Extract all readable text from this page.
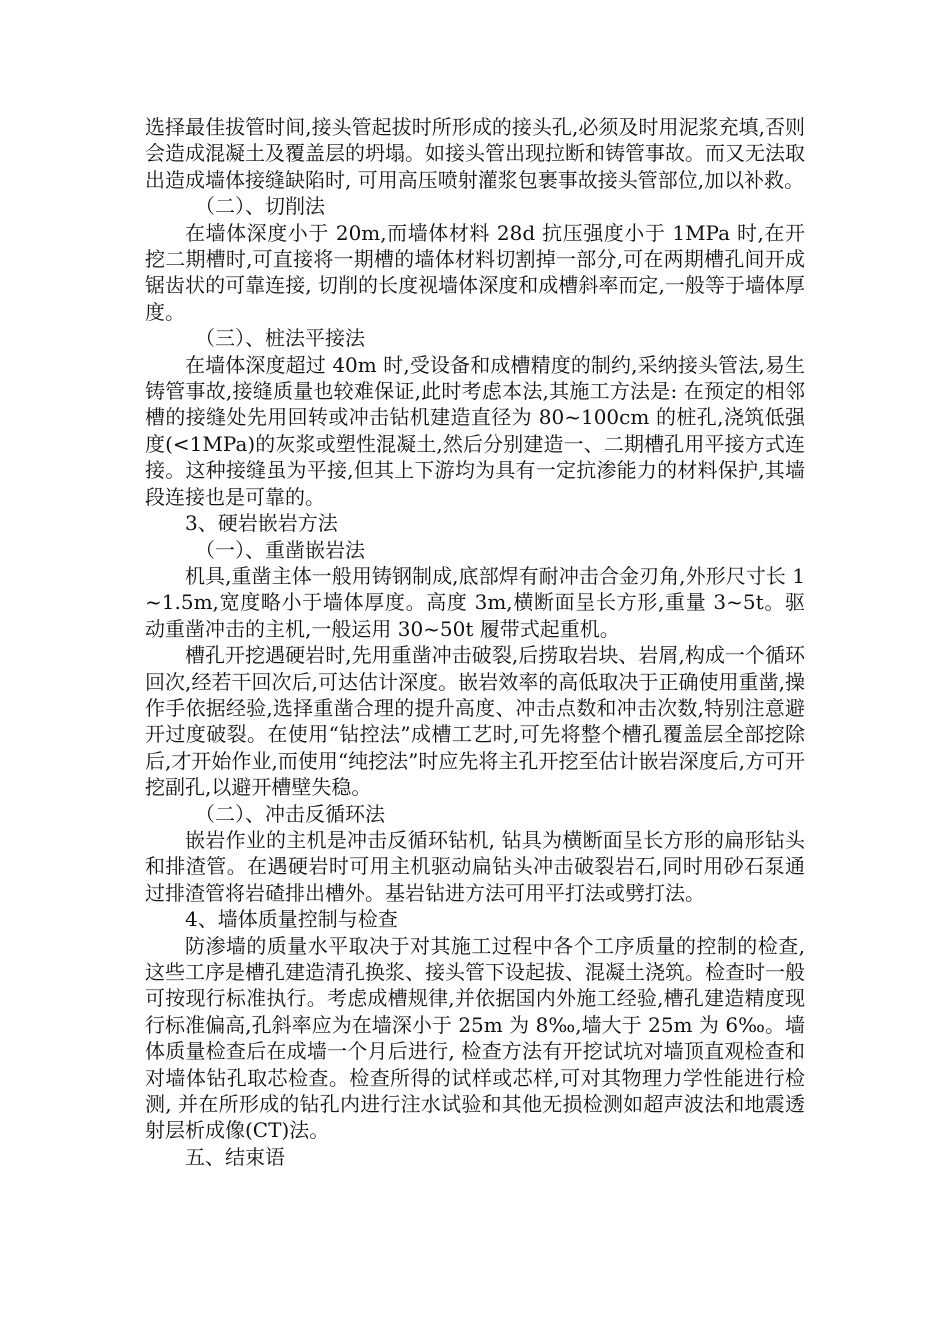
选择最佳拔管时间,接头管起拔时所形成的接头孔,必须及时用泥浆充填,否则会造成混凝土及覆盖层的坍塌。如接头管出现拉断和铸管事故。而又无法取出造成墙体接缝缺陷时, 可用高压喷射灌浆包裹事故接头管部位,加以补救。

（二）、切削法

在墙体深度小于 20m,而墙体材料 28d 抗压强度小于 1MPa 时,在开挖二期槽时,可直接将一期槽的墙体材料切割掉一部分,可在两期槽孔间开成锯齿状的可靠连接, 切削的长度视墙体深度和成槽斜率而定,一般等于墙体厚度。

（三）、桩法平接法

在墙体深度超过 40m 时,受设备和成槽精度的制约,采纳接头管法,易生铸管事故,接缝质量也较难保证,此时考虑本法,其施工方法是: 在预定的相邻槽的接缝处先用回转或冲击钻机建造直径为 80~100cm 的桩孔,浇筑低强度(<1MPa)的灰浆或塑性混凝土,然后分别建造一、二期槽孔用平接方式连接。这种接缝虽为平接,但其上下游均为具有一定抗渗能力的材料保护,其墙段连接也是可靠的。

3、硬岩嵌岩方法

（一）、重凿嵌岩法

机具,重凿主体一般用铸钢制成,底部焊有耐冲击合金刃角,外形尺寸长 1~1.5m,宽度略小于墙体厚度。高度 3m,横断面呈长方形,重量 3~5t。驱动重凿冲击的主机,一般运用 30~50t 履带式起重机。

槽孔开挖遇硬岩时,先用重凿冲击破裂,后捞取岩块、岩屑,构成一个循环回次,经若干回次后,可达估计深度。嵌岩效率的高低取决于正确使用重凿,操作手依据经验,选择重凿合理的提升高度、冲击点数和冲击次数,特别注意避开过度破裂。在使用“钻控法”成槽工艺时,可先将整个槽孔覆盖层全部挖除后,才开始作业,而使用“纯挖法”时应先将主孔开挖至估计嵌岩深度后,方可开挖副孔,以避开槽壁失稳。

（二）、冲击反循环法

嵌岩作业的主机是冲击反循环钻机, 钻具为横断面呈长方形的扁形钻头和排渣管。在遇硬岩时可用主机驱动扁钻头冲击破裂岩石,同时用砂石泵通过排渣管将岩碴排出槽外。基岩钻进方法可用平打法或劈打法。

4、墙体质量控制与检查

防渗墙的质量水平取决于对其施工过程中各个工序质量的控制的检查,这些工序是槽孔建造清孔换浆、接头管下设起拔、混凝土浇筑。检查时一般可按现行标准执行。考虑成槽规律,并依据国内外施工经验,槽孔建造精度现行标准偏高,孔斜率应为在墙深小于 25m 为 8‰,墙大于 25m 为 6‰。墙体质量检查后在成墙一个月后进行, 检查方法有开挖试坑对墙顶直观检查和对墙体钻孔取芯检查。检查所得的试样或芯样,可对其物理力学性能进行检测, 并在所形成的钻孔内进行注水试验和其他无损检测如超声波法和地震透射层析成像(CT)法。

五、结束语
